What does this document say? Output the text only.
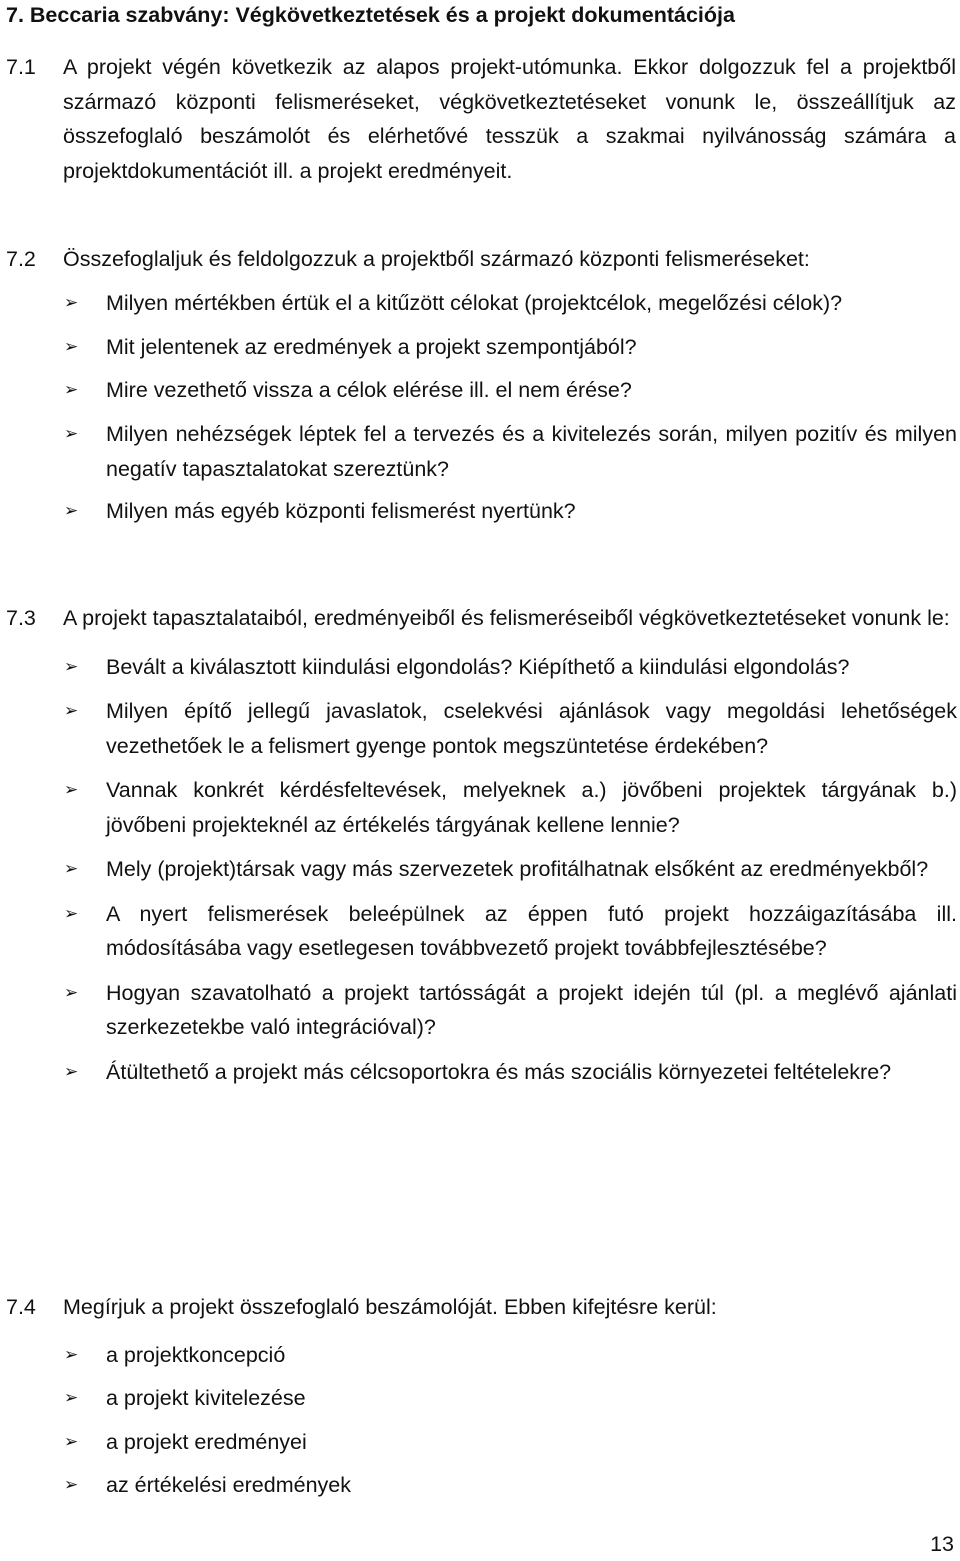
7. Beccaria szabvány: Végkövetkeztetések és a projekt dokumentációja
7.1	A projekt végén következik az alapos projekt-utómunka. Ekkor dolgozzuk fel a projektből származó központi felismeréseket, végkövetkeztetéseket vonunk le, összeállítjuk az összefoglaló beszámolót és elérhetővé tesszük a szakmai nyilvánosság számára a projektdokumentációt ill. a projekt eredményeit.
7.2	Összefoglaljuk és feldolgozzuk a projektből származó központi felismeréseket:
➢	Milyen mértékben értük el a kitűzött célokat (projektcélok, megelőzési célok)?
➢	Mit jelentenek az eredmények a projekt szempontjából?
➢	Mire vezethető vissza a célok elérése ill. el nem érése?
➢	Milyen nehézségek léptek fel a tervezés és a kivitelezés során, milyen pozitív és milyen negatív tapasztalatokat szereztünk?
➢	Milyen más egyéb központi felismerést nyertünk?
7.3	A projekt tapasztalataiból, eredményeiből és felismeréseiből végkövetkeztetéseket vonunk le:
➢	Bevált a kiválasztott kiindulási elgondolás? Kiépíthető a kiindulási elgondolás?
➢	Milyen építő jellegű javaslatok, cselekvési ajánlások vagy megoldási lehetőségek vezethetőek le a felismert gyenge pontok megszüntetése érdekében?
➢	Vannak konkrét kérdésfeltevések, melyeknek a.) jövőbeni projektek tárgyának b.) jövőbeni projekteknél az értékelés tárgyának kellene lennie?
➢	Mely (projekt)társak vagy más szervezetek profitálhatnak elsőként az eredményekből?
➢	A nyert felismerések beleépülnek az éppen futó projekt hozzáigazításába ill. módosításába vagy esetlegesen továbbvezető projekt továbbfejlesztésébe?
➢	Hogyan szavatolható a projekt tartósságát a projekt idején túl (pl. a meglévő ajánlati szerkezetekbe való integrációval)?
➢	Átültethető a projekt más célcsoportokra és más szociális környezetei feltételekre?
7.4	Megírjuk a projekt összefoglaló beszámolóját. Ebben kifejtésre kerül:
➢	a projektkoncepció
➢	a projekt kivitelezése
➢	a projekt eredményei
➢	az értékelési eredmények
13
